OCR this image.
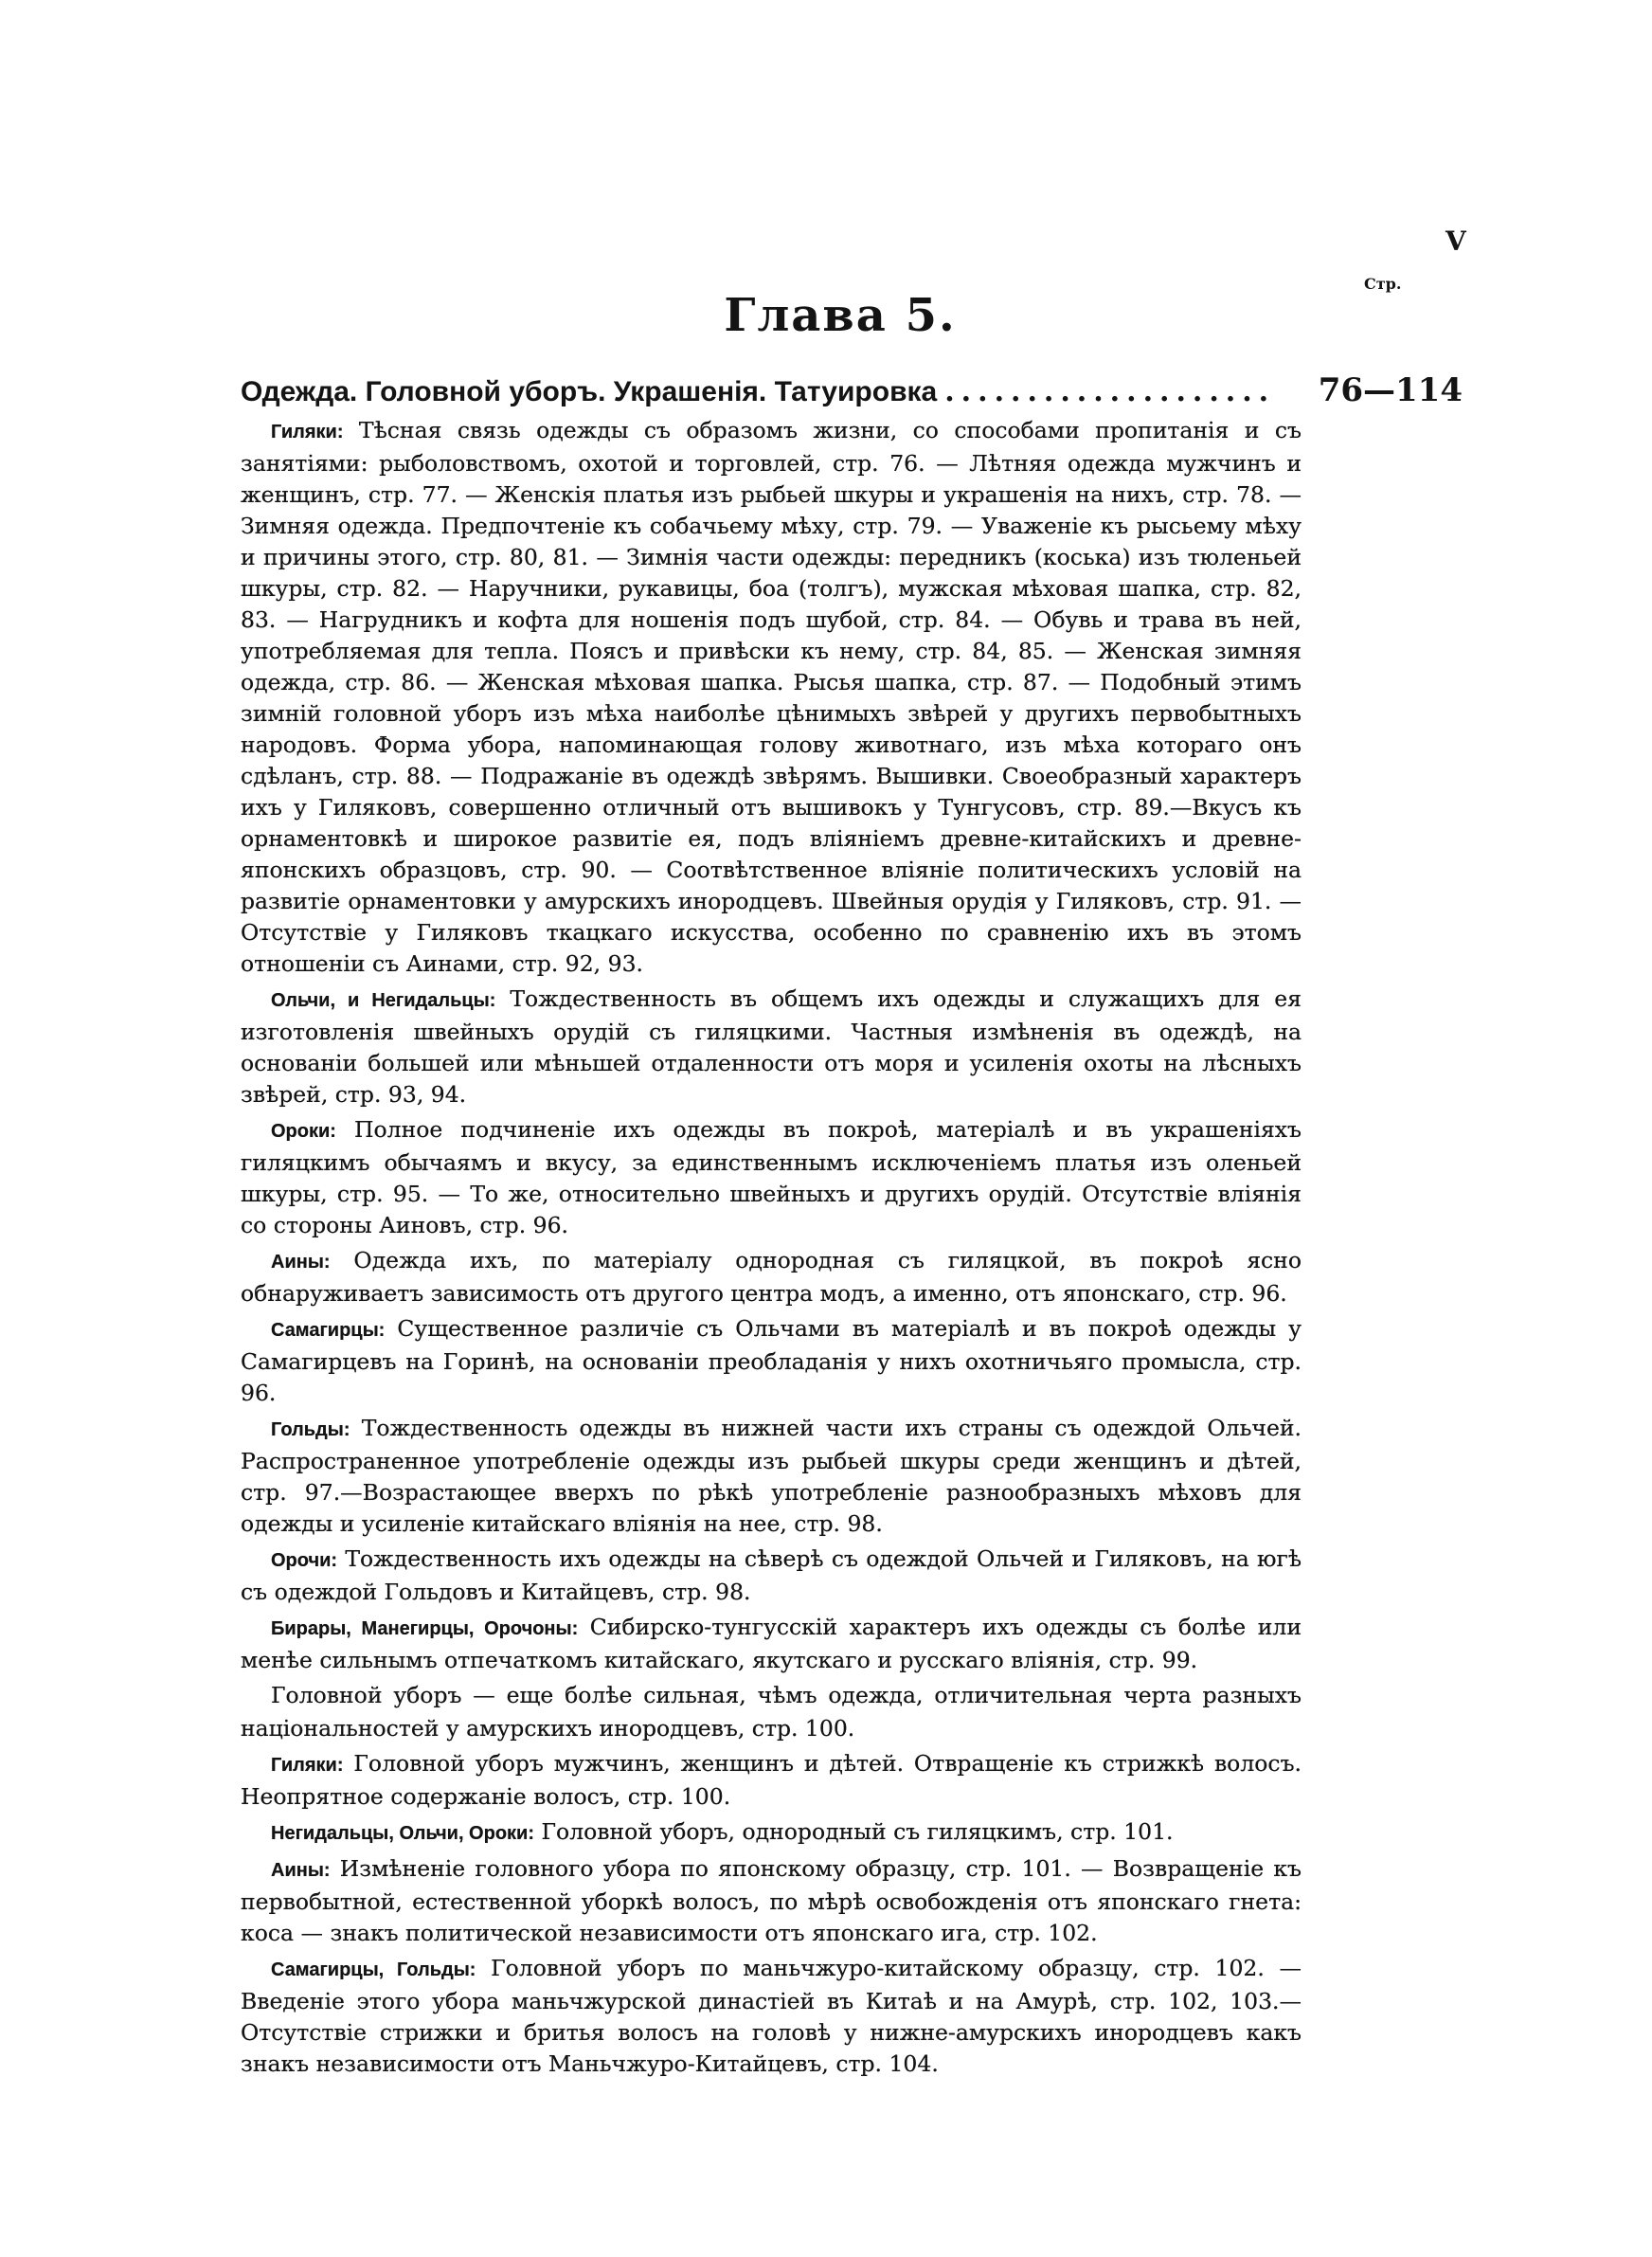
V
Стр.
Глава 5.
Одежда. Головной уборъ. Украшенія. Татуировка ....................	76—114

Гиляки: Тѣсная связь одежды съ образомъ жизни, со способами пропитанія и съ занятіями: рыболовствомъ, охотой и торговлей, стр. 76. — Лѣтняя одежда мужчинъ и женщинъ, стр. 77. — Женскія платья изъ рыбьей шкуры и украшенія на нихъ, стр. 78. — Зимняя одежда. Предпочтеніе къ собачьему мѣху, стр. 79. — Уваженіе къ рысьему мѣху и причины этого, стр. 80, 81. — Зимнія части одежды: передникъ (коська) изъ тюленьей шкуры, стр. 82. — Наручники, рукавицы, боа (толгъ), мужская мѣховая шапка, стр. 82, 83. — Нагрудникъ и кофта для ношенія подъ шубой, стр. 84. — Обувь и трава въ ней, употребляемая для тепла. Поясъ и привѣски къ нему, стр. 84, 85. — Женская зимняя одежда, стр. 86. — Женская мѣховая шапка. Рысья шапка, стр. 87. — Подобный этимъ зимній головной уборъ изъ мѣха наиболѣе цѣнимыхъ звѣрей у другихъ первобытныхъ народовъ. Форма убора, напоминающая голову животнаго, изъ мѣха котораго онъ сдѣланъ, стр. 88. — Подражаніе въ одеждѣ звѣрямъ. Вышивки. Своеобразный характеръ ихъ у Гиляковъ, совершенно отличный отъ вышивокъ у Тунгусовъ, стр. 89.—Вкусъ къ орнаментовкѣ и широкое развитіе ея, подъ вліяніемъ древне-китайскихъ и древне-японскихъ образцовъ, стр. 90. — Соотвѣтственное вліяніе политическихъ условій на развитіе орнаментовки у амурскихъ инородцевъ. Швейныя орудія у Гиляковъ, стр. 91. — Отсутствіе у Гиляковъ ткацкаго искусства, особенно по сравненію ихъ въ этомъ отношеніи съ Аинами, стр. 92, 93.

Ольчи, и Негидальцы: Тождественность въ общемъ ихъ одежды и служащихъ для ея изготовленія швейныхъ орудій съ гиляцкими. Частныя измѣненія въ одеждѣ, на основаніи большей или мѣньшей отдаленности отъ моря и усиленія охоты на лѣсныхъ звѣрей, стр. 93, 94.

Ороки: Полное подчиненіе ихъ одежды въ покроѣ, матеріалѣ и въ украшеніяхъ гиляцкимъ обычаямъ и вкусу, за единственнымъ исключеніемъ платья изъ оленьей шкуры, стр. 95. — То же, относительно швейныхъ и другихъ орудій. Отсутствіе вліянія со стороны Аиновъ, стр. 96.

Аины: Одежда ихъ, по матеріалу однородная съ гиляцкой, въ покроѣ ясно обнаруживаетъ зависимость отъ другого центра модъ, а именно, отъ японскаго, стр. 96.

Самагирцы: Существенное различіе съ Ольчами въ матеріалѣ и въ покроѣ одежды у Самагирцевъ на Горинѣ, на основаніи преобладанія у нихъ охотничьяго промысла, стр. 96.

Гольды: Тождественность одежды въ нижней части ихъ страны съ одеждой Ольчей. Распространенное употребленіе одежды изъ рыбьей шкуры среди женщинъ и дѣтей, стр. 97.—Возрастающее вверхъ по рѣкѣ употребленіе разнообразныхъ мѣховъ для одежды и усиленіе китайскаго вліянія на нее, стр. 98.

Орочи: Тождественность ихъ одежды на сѣверѣ съ одеждой Ольчей и Гиляковъ, на югѣ съ одеждой Гольдовъ и Китайцевъ, стр. 98.

Бирары, Манегирцы, Орочоны: Сибирско-тунгусскій характеръ ихъ одежды съ болѣе или менѣе сильнымъ отпечаткомъ китайскаго, якутскаго и русскаго вліянія, стр. 99.

Головной уборъ — еще болѣе сильная, чѣмъ одежда, отличительная черта разныхъ національностей у амурскихъ инородцевъ, стр. 100.

Гиляки: Головной уборъ мужчинъ, женщинъ и дѣтей. Отвращеніе къ стрижкѣ волосъ. Неопрятное содержаніе волосъ, стр. 100.

Негидальцы, Ольчи, Ороки: Головной уборъ, однородный съ гиляцкимъ, стр. 101.

Аины: Измѣненіе головного убора по японскому образцу, стр. 101. — Возвращеніе къ первобытной, естественной уборкѣ волосъ, по мѣрѣ освобожденія отъ японскаго гнета: коса — знакъ политической независимости отъ японскаго ига, стр. 102.

Самагирцы, Гольды: Головной уборъ по маньчжуро-китайскому образцу, стр. 102. — Введеніе этого убора маньчжурской династіей въ Китаѣ и на Амурѣ, стр. 102, 103.—Отсутствіе стрижки и бритья волосъ на головѣ у нижне-амурскихъ инородцевъ какъ знакъ независимости отъ Маньчжуро-Китайцевъ, стр. 104.
